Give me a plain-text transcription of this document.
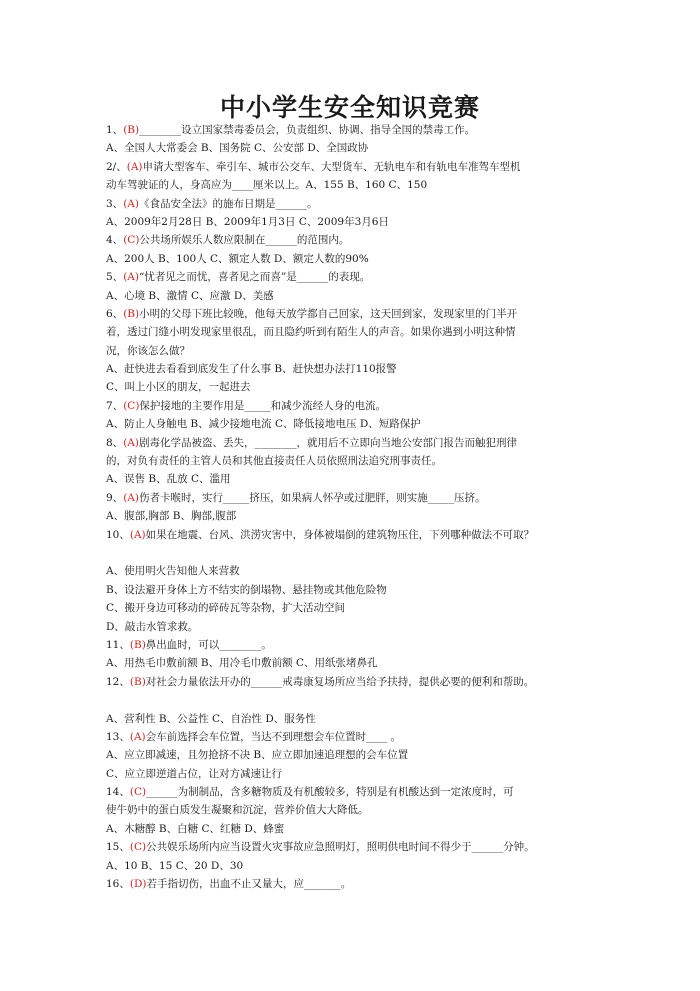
中小学生安全知识竞赛
1、(B)________设立国家禁毒委员会，负责组织、协调、指导全国的禁毒工作。
A、全国人大常委会 B、国务院 C、公安部 D、全国政协
2/、(A)申请大型客车、牵引车、城市公交车、大型货车、无轨电车和有轨电车准驾车型机
动车驾驶证的人，身高应为____厘米以上。A、155 B、160 C、150
3、(A)《食品安全法》的施布日期是______。
A、2009年2月28日 B、2009年1月3日 C、2009年3月6日
4、(C)公共场所娱乐人数应限制在______的范围内。
A、200人 B、100人 C、额定人数 D、额定人数的90%
5、(A)“忧者见之而忧，喜者见之而喜”是______的表现。
A、心境 B、激情 C、应激 D、美感
6、(B)小明的父母下班比较晚，他每天放学都自己回家，这天回到家，发现家里的门半开
着，透过门缝小明发现家里很乱，而且隐约听到有陌生人的声音。如果你遇到小明这种情
况，你该怎么做？
A、赶快进去看看到底发生了什么事 B、赶快想办法打110报警
C、叫上小区的朋友，一起进去
7、(C)保护接地的主要作用是_____和减少流经人身的电流。
A、防止人身触电 B、减少接地电流 C、降低接地电压 D、短路保护
8、(A)剧毒化学品被盗、丢失，________，就用后不立即向当地公安部门报告而触犯刑律
的，对负有责任的主管人员和其他直接责任人员依照刑法追究刑事责任。
A、误售 B、乱放 C、滥用
9、(A)伤者卡喉时，实行_____挤压，如果病人怀孕或过肥胖，则实施_____压挤。
A、腹部,胸部 B、胸部,腹部
10、(A)如果在地震、台风、洪涝灾害中，身体被塌倒的建筑物压住，下列哪种做法不可取？
A、使用明火告知他人来营救
B、设法避开身体上方不结实的倒塌物、悬挂物或其他危险物
C、搬开身边可移动的碎砖瓦等杂物，扩大活动空间
D、敲击水管求救。
11、(B)鼻出血时，可以________。
A、用热毛巾敷前额 B、用冷毛巾敷前额 C、用纸张堵鼻孔
12、(B)对社会力量依法开办的______戒毒康复场所应当给予扶持，提供必要的便利和帮助。
A、营利性 B、公益性 C、自治性 D、服务性
13、(A)会车前选择会车位置，当达不到理想会车位置时____ 。
A、应立即减速，且勿抢挤不决 B、应立即加速追理想的会车位置
C、应立即逆道占位，让对方减速让行
14、(C)______为制制品，含多糖物质及有机酸较多，特别是有机酸达到一定浓度时，可
使牛奶中的蛋白质发生凝聚和沉淀，营养价值大大降低。
A、木糖醇 B、白糖 C、红糖 D、蜂蜜
15、(C)公共娱乐场所内应当设置火灾事故应急照明灯，照明供电时间不得少于______分钟。
A、10 B、15 C、20 D、30
16、(D)若手指切伤，出血不止又量大，应_______。
